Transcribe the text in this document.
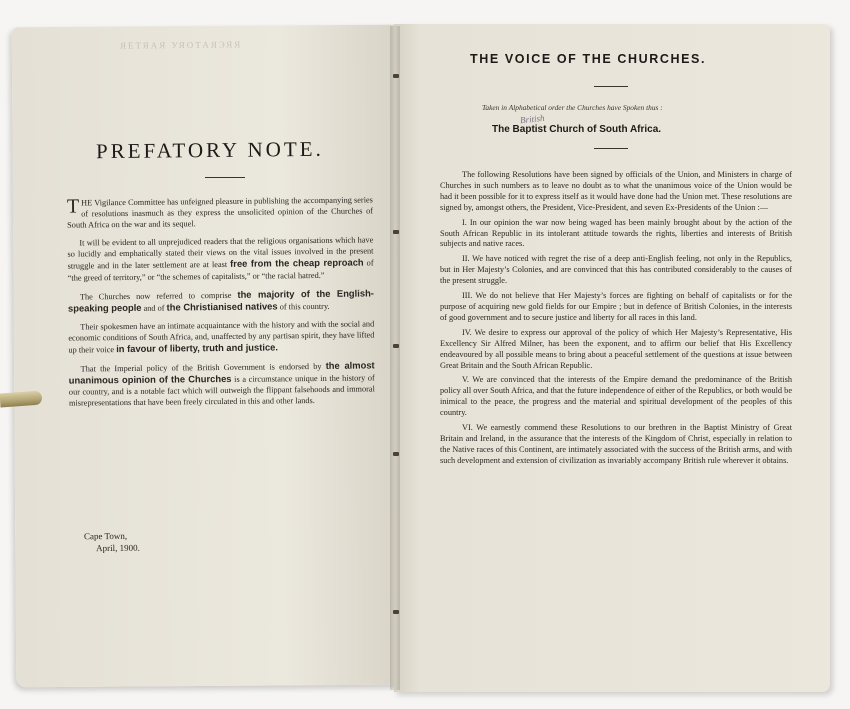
ЯЕТЯАЯ УЯОТАЯЭЯЯ
PREFATORY NOTE.

THE Vigilance Committee has unfeigned pleasure in publishing the accompanying series of resolutions inasmuch as they express the unsolicited opinion of the Churches of South Africa on the war and its sequel.

It will be evident to all unprejudiced readers that the religious organisations which have so lucidly and emphatically stated their views on the vital issues involved in the present struggle and in the later settlement are at least free from the cheap reproach of “the greed of territory,” or “the schemes of capitalists,” or “the racial hatred.”

The Churches now referred to comprise the majority of the English-speaking people and of the Christianised natives of this country.

Their spokesmen have an intimate acquaintance with the history and with the social and economic conditions of South Africa, and, unaffected by any partisan spirit, they have lifted up their voice in favour of liberty, truth and justice.

That the Imperial policy of the British Government is endorsed by the almost unanimous opinion of the Churches is a circumstance unique in the history of our country, and is a notable fact which will outweigh the flippant falsehoods and immoral misrepresentations that have been freely circulated in this and other lands.

Cape Town,
April, 1900.
THE VOICE OF THE CHURCHES.
Taken in Alphabetical order the Churches have Spoken thus :
British
The Baptist Church of South Africa.

The following Resolutions have been signed by officials of the Union, and Ministers in charge of Churches in such numbers as to leave no doubt as to what the unanimous voice of the Union would be had it been possible for it to express itself as it would have done had the Union met. These resolutions are signed by, amongst others, the President, Vice-President, and seven Ex-Presidents of the Union :—

I. In our opinion the war now being waged has been mainly brought about by the action of the South African Republic in its intolerant attitude towards the rights, liberties and interests of British subjects and native races.

II. We have noticed with regret the rise of a deep anti-English feeling, not only in the Republics, but in Her Majesty’s Colonies, and are convinced that this has contributed considerably to the causes of the present struggle.

III. We do not believe that Her Majesty’s forces are fighting on behalf of capitalists or for the purpose of acquiring new gold fields for our Empire ; but in defence of British Colonies, in the interests of good government and to secure justice and liberty for all races in this land.

IV. We desire to express our approval of the policy of which Her Majesty’s Representative, His Excellency Sir Alfred Milner, has been the exponent, and to affirm our belief that His Excellency endeavoured by all possible means to bring about a peaceful settlement of the questions at issue between Great Britain and the South African Republic.

V. We are convinced that the interests of the Empire demand the predominance of the British policy all over South Africa, and that the future independence of either of the Republics, or both would be inimical to the peace, the progress and the material and spiritual development of the peoples of this country.

VI. We earnestly commend these Resolutions to our brethren in the Baptist Ministry of Great Britain and Ireland, in the assurance that the interests of the Kingdom of Christ, especially in relation to the Native races of this Continent, are intimately associated with the success of the British arms, and with such development and extension of civilization as invariably accompany British rule wherever it obtains.
